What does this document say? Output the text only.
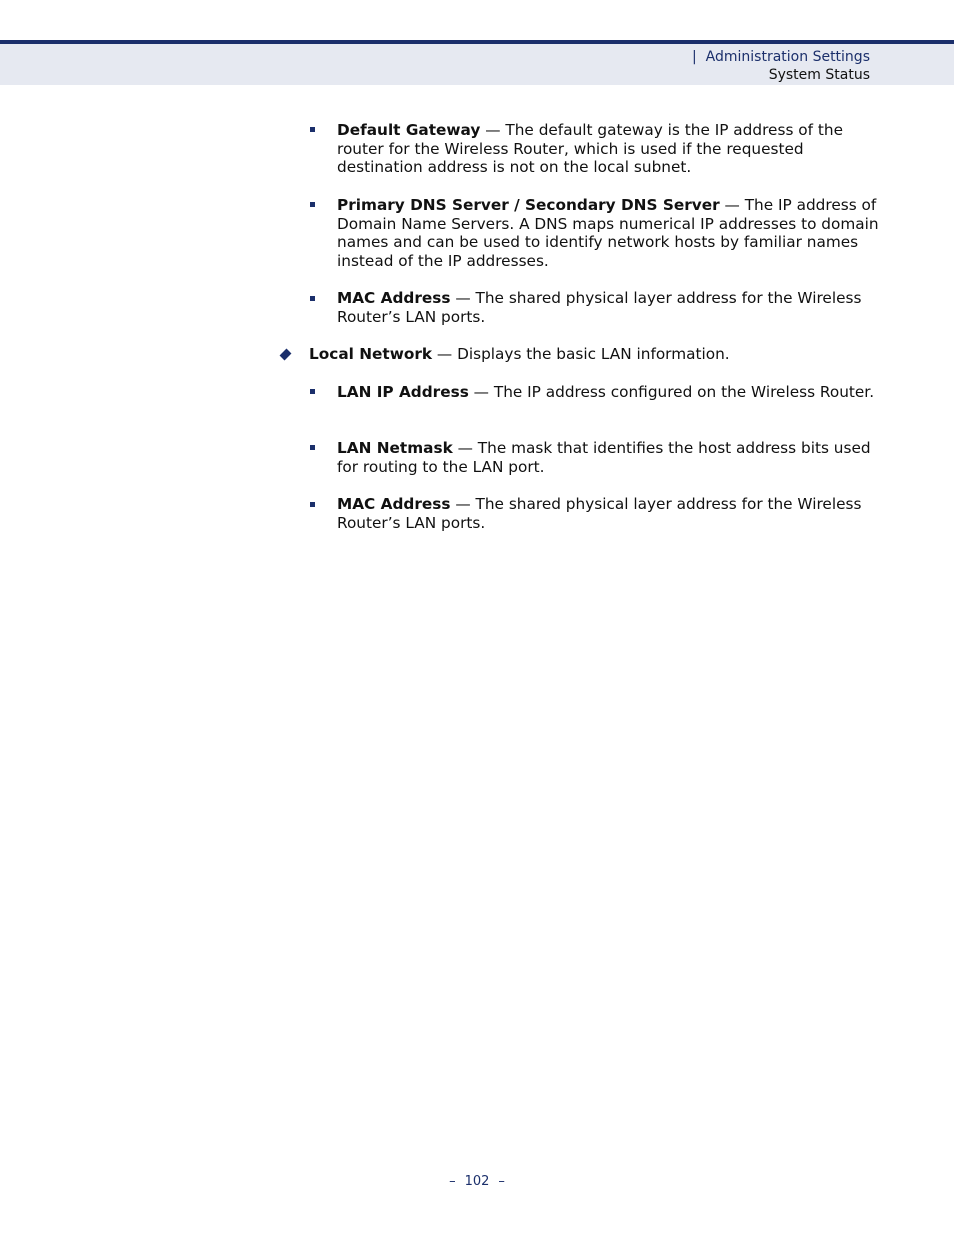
| Administration Settings
System Status
Default Gateway — The default gateway is the IP address of the router for the Wireless Router, which is used if the requested destination address is not on the local subnet.
Primary DNS Server / Secondary DNS Server — The IP address of Domain Name Servers. A DNS maps numerical IP addresses to domain names and can be used to identify network hosts by familiar names instead of the IP addresses.
MAC Address — The shared physical layer address for the Wireless Router’s LAN ports.
Local Network — Displays the basic LAN information.
LAN IP Address — The IP address configured on the Wireless Router.
LAN Netmask — The mask that identifies the host address bits used for routing to the LAN port.
MAC Address — The shared physical layer address for the Wireless Router’s LAN ports.
– 102 –
